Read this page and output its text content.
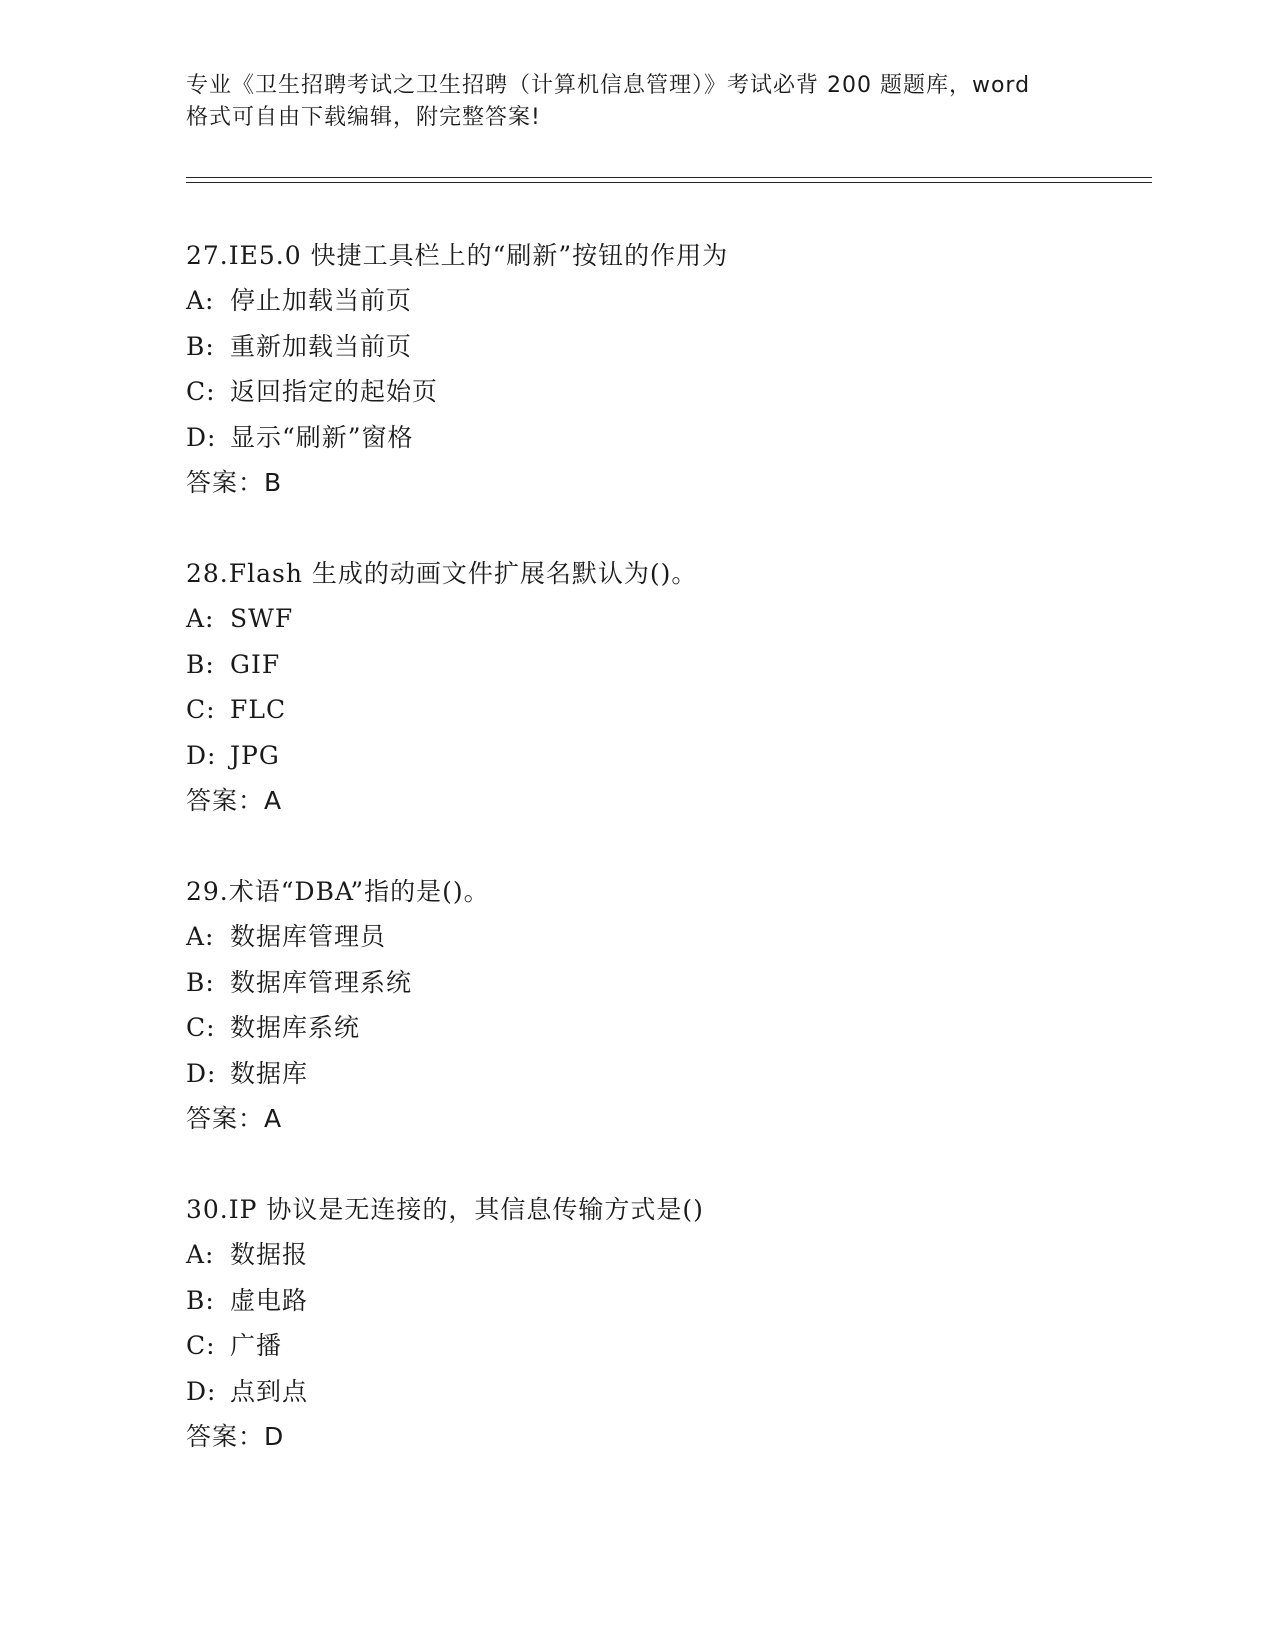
专业《卫生招聘考试之卫生招聘（计算机信息管理）》考试必背 200 题题库，word
格式可自由下载编辑，附完整答案!
27.IE5.0 快捷工具栏上的“刷新”按钮的作用为
A: 停止加载当前页
B: 重新加载当前页
C: 返回指定的起始页
D: 显示“刷新”窗格
答案：B
28.Flash 生成的动画文件扩展名默认为()。
A: SWF
B: GIF
C: FLC
D: JPG
答案：A
29.术语“DBA”指的是()。
A: 数据库管理员
B: 数据库管理系统
C: 数据库系统
D: 数据库
答案：A
30.IP 协议是无连接的，其信息传输方式是()
A: 数据报
B: 虚电路
C: 广播
D: 点到点
答案：D
